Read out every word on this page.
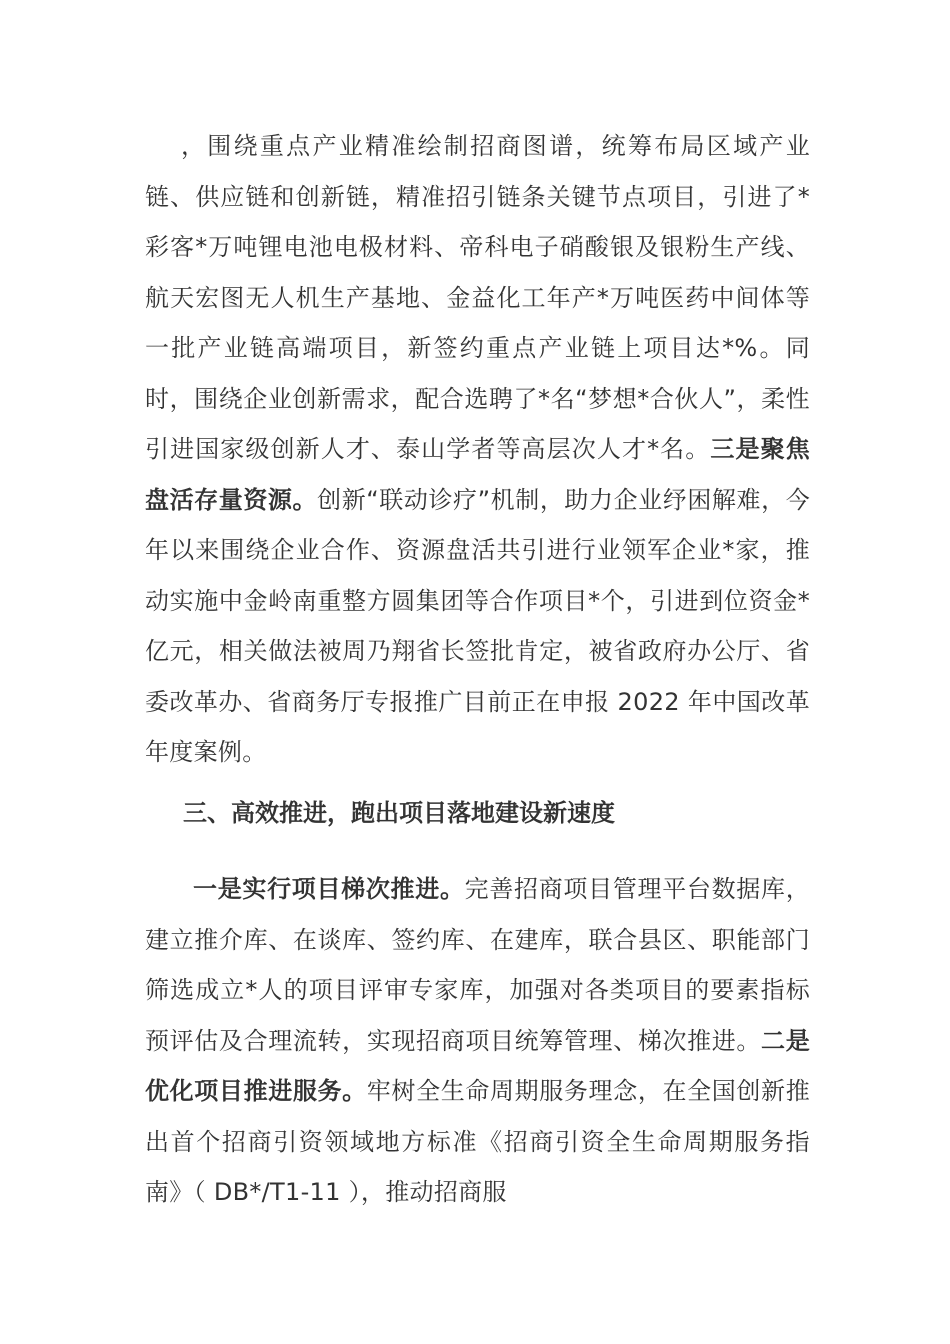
，围绕重点产业精准绘制招商图谱，统筹布局区域产业链、供应链和创新链，精准招引链条关键节点项目，引进了*彩客*万吨锂电池电极材料、帝科电子硝酸银及银粉生产线、航天宏图无人机生产基地、金益化工年产*万吨医药中间体等一批产业链高端项目，新签约重点产业链上项目达*%。同时，围绕企业创新需求，配合选聘了*名“梦想*合伙人”，柔性引进国家级创新人才、泰山学者等高层次人才*名。三是聚焦盘活存量资源。创新“联动诊疗”机制，助力企业纾困解难，今年以来围绕企业合作、资源盘活共引进行业领军企业*家，推动实施中金岭南重整方圆集团等合作项目*个，引进到位资金*亿元，相关做法被周乃翔省长签批肯定，被省政府办公厅、省委改革办、省商务厅专报推广目前正在申报 2022 年中国改革年度案例。

三、高效推进，跑出项目落地建设新速度

一是实行项目梯次推进。完善招商项目管理平台数据库，建立推介库、在谈库、签约库、在建库，联合县区、职能部门筛选成立*人的项目评审专家库，加强对各类项目的要素指标预评估及合理流转，实现招商项目统筹管理、梯次推进。二是优化项目推进服务。牢树全生命周期服务理念，在全国创新推出首个招商引资领域地方标准《招商引资全生命周期服务指南》（ DB*/T1-11 ），推动招商服
